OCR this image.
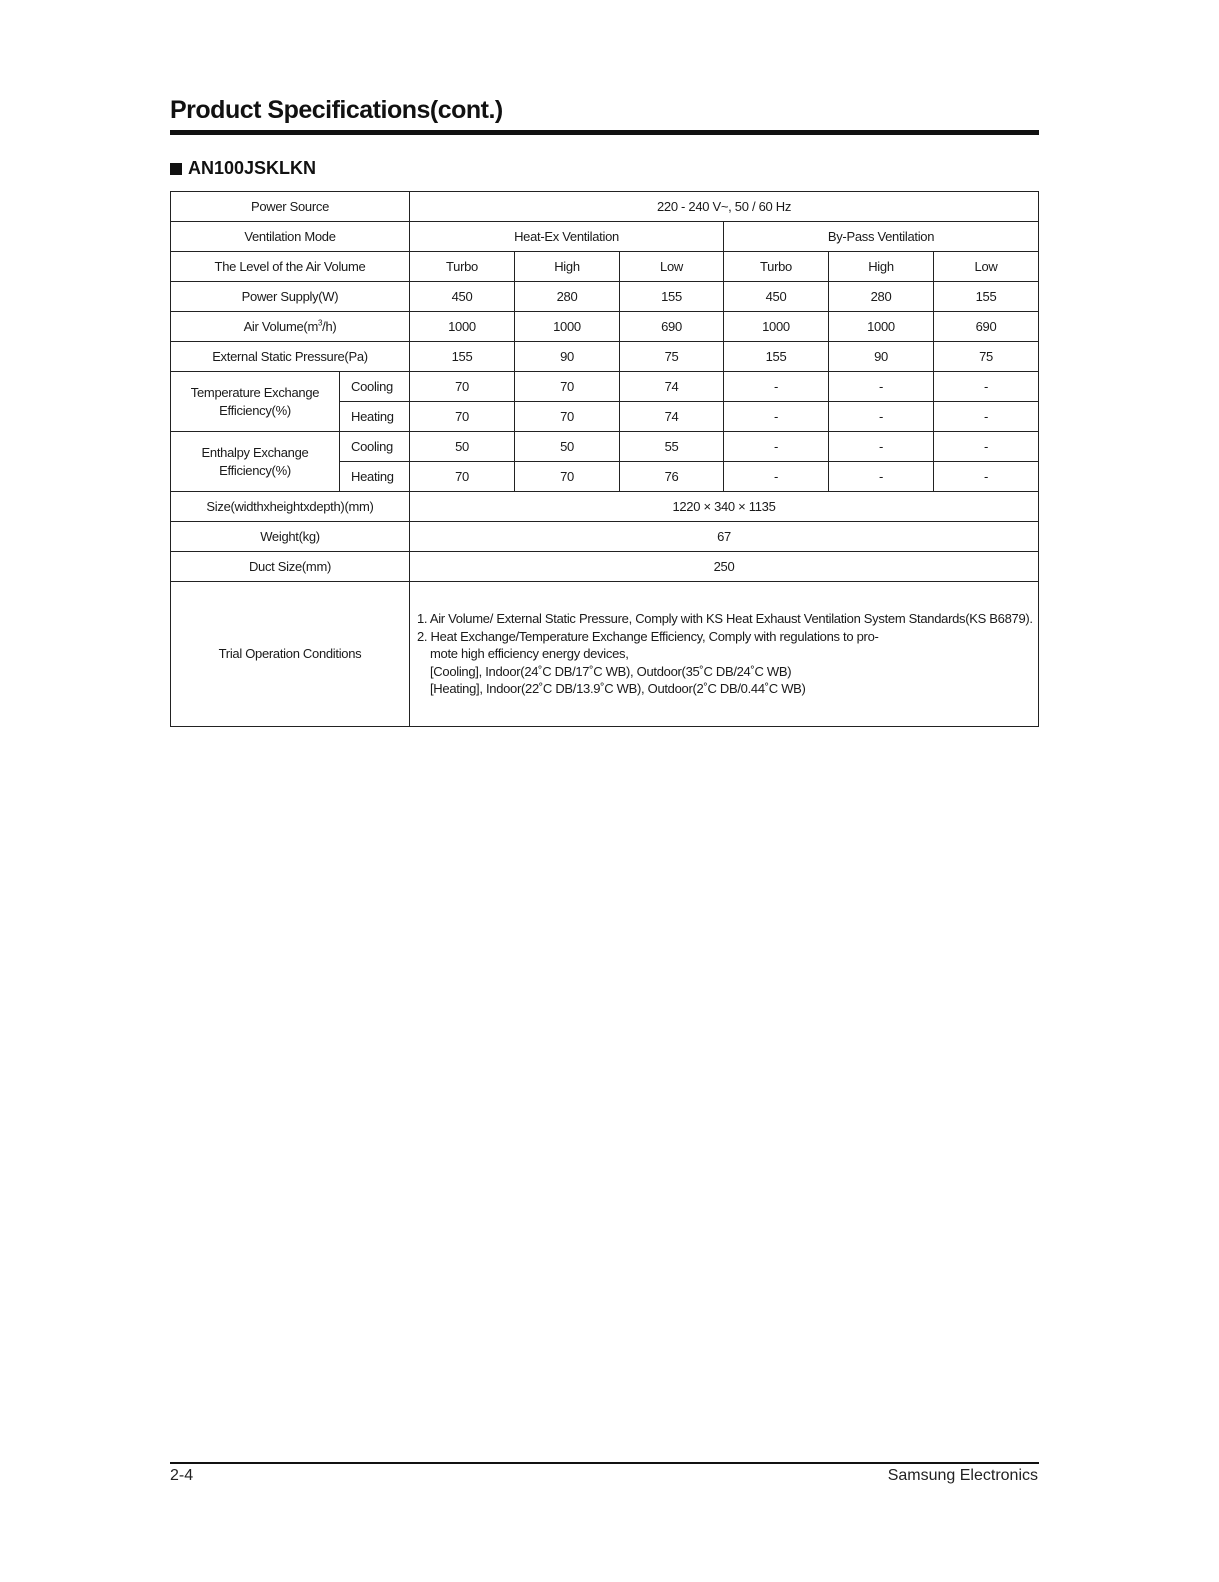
Product Specifications(cont.)
AN100JSKLKN
Power Source		220 - 240 V~, 50 / 60 Hz					
Ventilation Mode		Heat-Ex Ventilation			By-Pass Ventilation		
The Level of the Air Volume		Turbo	High	Low	Turbo	High	Low
Power Supply(W)		450	280	155	450	280	155
Air $Volume(m^3/h)$		1000	1000	690	1000	1000	690
External Static Pressure(Pa)		155	90	75	155	90	75
Temperature Exchange
Efficiency(%)	Cooling	70	70	74	-	-	-
	Heating	70	70	74	-	-	-
Enthalpy Exchange
Efficiency(%)	Cooling	50	50	55	-	-	-
	Heating	70	70	76	-	-	-
Size(widthxheightxdepth)(mm)		1220 × 340 × 1135					
Weight(kg)		67					
Duct Size(mm)		250					
Trial Operation Conditions		1. Air Volume/ External Static Pressure, Comply with KS Heat Exhaust Ventilation System Standards(KS B6879).
2. Heat Exchange/Temperature Exchange Efficiency, Comply with regulations to pro-
mote high efficiency energy devices,
[Cooling], Indoor(24˚C DB/17˚C WB), Outdoor(35˚C DB/24˚C WB)
[Heating], Indoor(22˚C DB/13.9˚C WB), Outdoor(2˚C DB/0.44˚C WB)					
2-4	Samsung Electronics
